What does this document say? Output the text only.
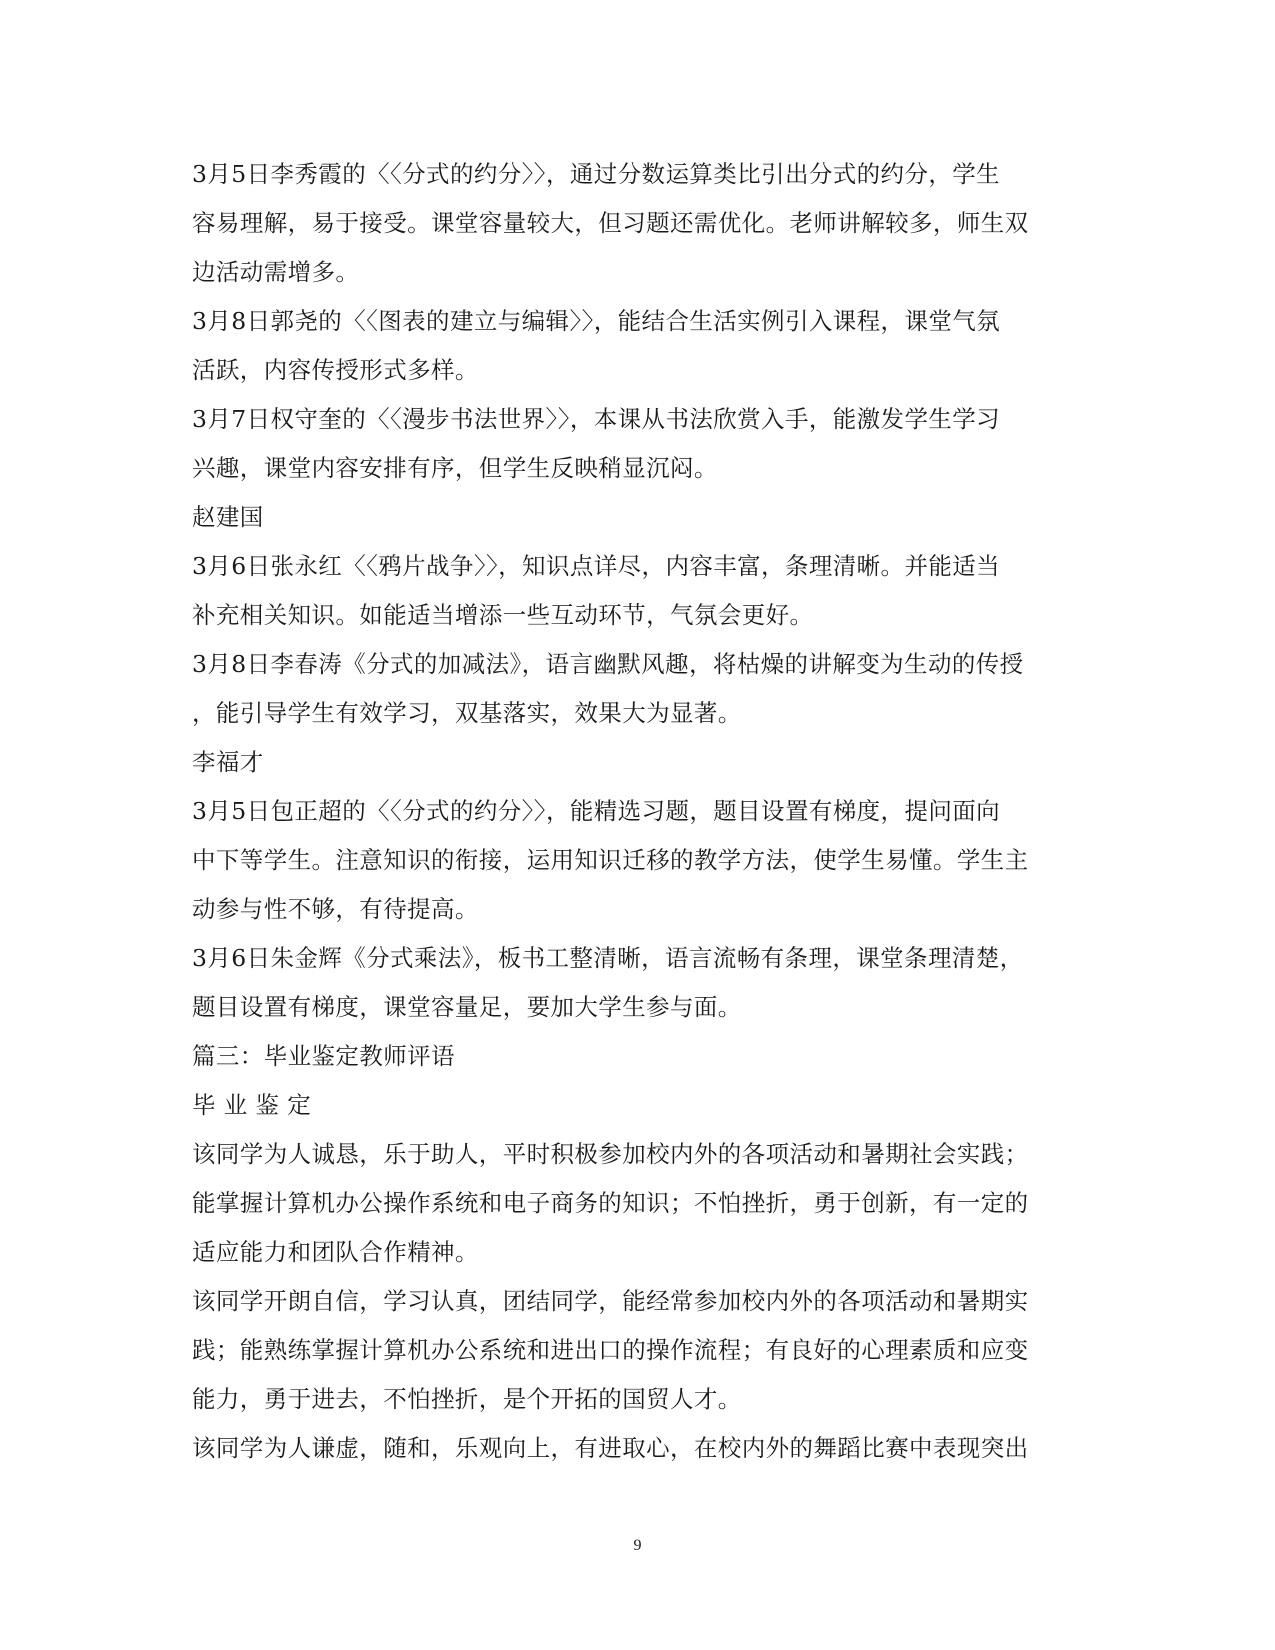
3月5日李秀霞的〈〈分式的约分〉〉，通过分数运算类比引出分式的约分，学生
容易理解，易于接受。课堂容量较大，但习题还需优化。老师讲解较多，师生双
边活动需增多。
3月8日郭尧的〈〈图表的建立与编辑〉〉，能结合生活实例引入课程，课堂气氛
活跃，内容传授形式多样。
3月7日权守奎的〈〈漫步书法世界〉〉，本课从书法欣赏入手，能激发学生学习
兴趣，课堂内容安排有序，但学生反映稍显沉闷。
赵建国
3月6日张永红〈〈鸦片战争〉〉，知识点详尽，内容丰富，条理清晰。并能适当
补充相关知识。如能适当增添一些互动环节，气氛会更好。
3月8日李春涛《分式的加减法》，语言幽默风趣，将枯燥的讲解变为生动的传授
，能引导学生有效学习，双基落实，效果大为显著。
李福才
3月5日包正超的〈〈分式的约分〉〉，能精选习题，题目设置有梯度，提问面向
中下等学生。注意知识的衔接，运用知识迁移的教学方法，使学生易懂。学生主
动参与性不够，有待提高。
3月6日朱金辉《分式乘法》，板书工整清晰，语言流畅有条理，课堂条理清楚，
题目设置有梯度，课堂容量足，要加大学生参与面。
篇三：毕业鉴定教师评语
毕 业 鉴 定
该同学为人诚恳，乐于助人，平时积极参加校内外的各项活动和暑期社会实践；
能掌握计算机办公操作系统和电子商务的知识；不怕挫折，勇于创新，有一定的
适应能力和团队合作精神。
该同学开朗自信，学习认真，团结同学，能经常参加校内外的各项活动和暑期实
践；能熟练掌握计算机办公系统和进出口的操作流程；有良好的心理素质和应变
能力，勇于进去，不怕挫折，是个开拓的国贸人才。
该同学为人谦虚，随和，乐观向上，有进取心，在校内外的舞蹈比赛中表现突出
9
